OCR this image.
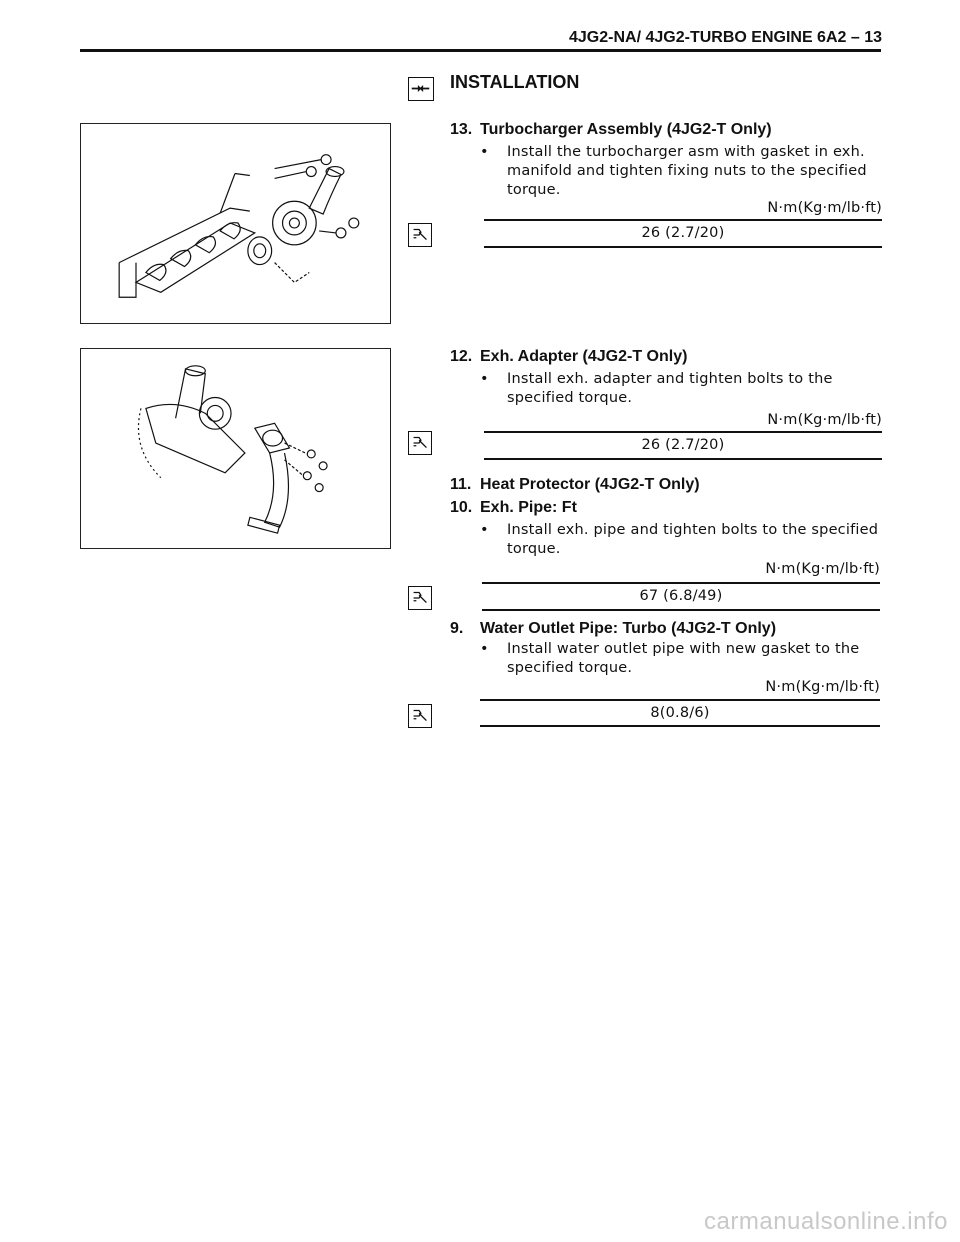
4JG2-NA/ 4JG2-TURBO ENGINE 6A2 – 13
INSTALLATION
13. Turbocharger Assembly (4JG2-T Only)
•	Install the turbocharger asm with gasket in exh. manifold and tighten fixing nuts to the specified torque.
N·m(Kg·m/lb·ft)
26 (2.7/20)
12. Exh. Adapter (4JG2-T Only)
•	Install exh. adapter and tighten bolts to the specified torque.
N·m(Kg·m/lb·ft)
26 (2.7/20)
11. Heat Protector (4JG2-T Only)
10. Exh. Pipe: Ft
•	Install exh. pipe and tighten bolts to the specified torque.
N·m(Kg·m/lb·ft)
67 (6.8/49)
9. Water Outlet Pipe: Turbo (4JG2-T Only)
•	Install water outlet pipe with new gasket to the specified torque.
N·m(Kg·m/lb·ft)
8(0.8/6)
carmanualsonline.info
